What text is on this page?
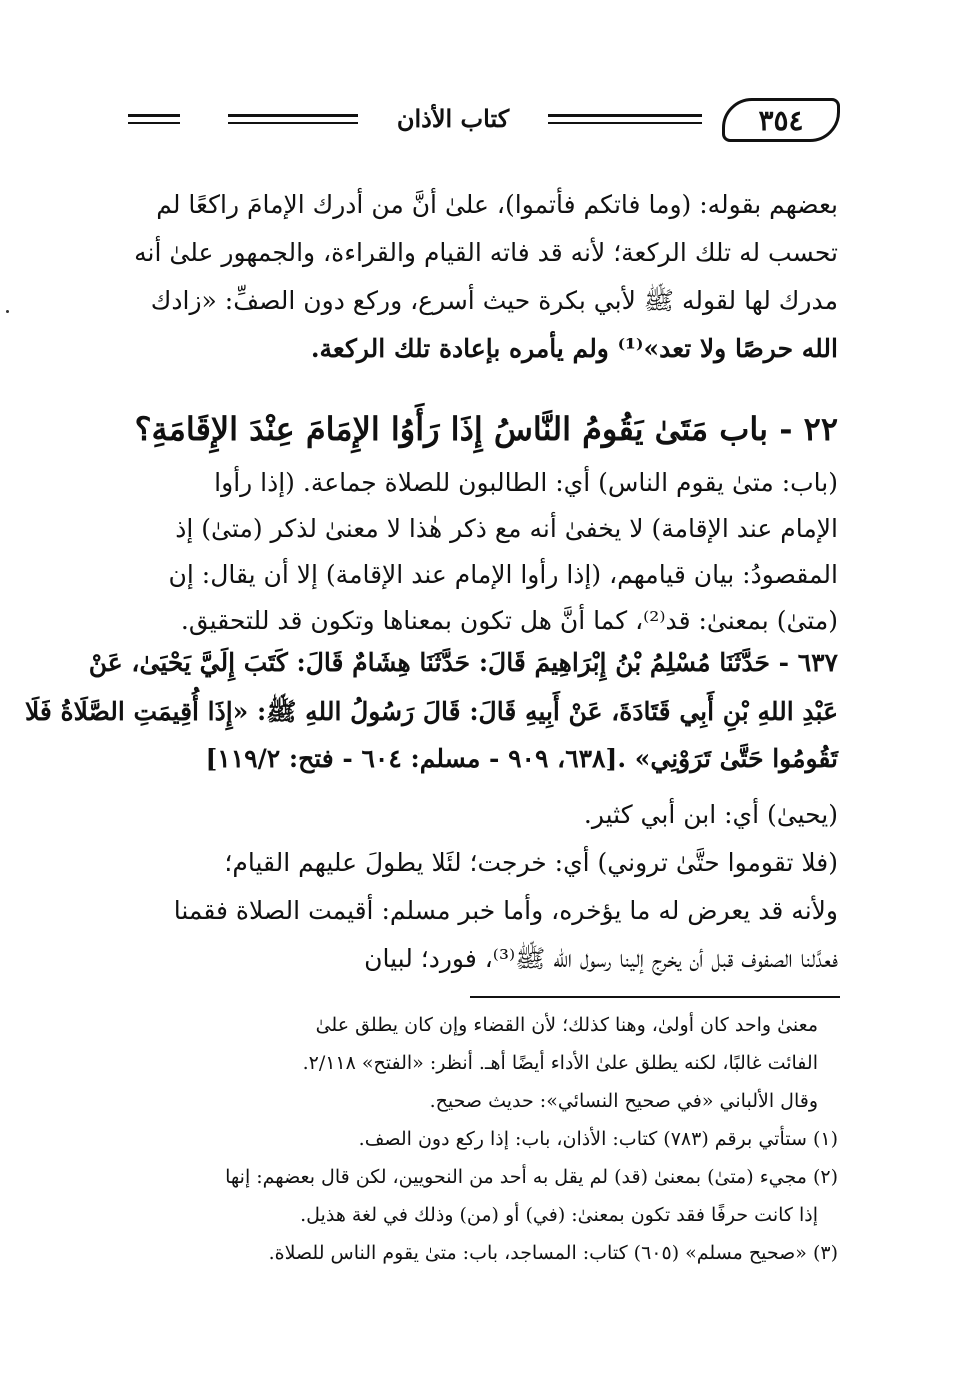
كتاب الأذان	٣٥٤
بعضهم بقوله: (وما فاتكم فأتموا)، علىٰ أنَّ من أدرك الإمامَ راكعًا لم
تحسب له تلك الركعة؛ لأنه قد فاته القيام والقراءة، والجمهور علىٰ أنه
مدرك لها لقوله ﷺ لأبي بكرة حيث أسرع، وركع دون الصفِّ: «زادك
الله حرصًا ولا تعد»⁽¹⁾ ولم يأمره بإعادة تلك الركعة.
٢٢ - باب مَتَىٰ يَقُومُ النَّاسُ إِذَا رَأَوُا الإِمَامَ عِنْدَ الإِقَامَةِ؟
(باب: متىٰ يقوم الناس) أي: الطالبون للصلاة جماعة. (إذا رأوا
الإمام عند الإقامة) لا يخفىٰ أنه مع ذكر هٰذا لا معنىٰ لذكر (متىٰ) إذ
المقصودُ: بيان قيامهم، (إذا رأوا الإمام عند الإقامة) إلا أن يقال: إن
(متىٰ) بمعنىٰ: قد⁽²⁾، كما أنَّ هل تكون بمعناها وتكون قد للتحقيق.
٦٣٧ - حَدَّثَنَا مُسْلِمُ بْنُ إِبْرَاهِيمَ قَالَ: حَدَّثَنَا هِشَامٌ قَالَ: كَتَبَ إِلَيَّ يَحْيَىٰ، عَنْ
عَبْدِ اللهِ بْنِ أَبِي قَتَادَةَ، عَنْ أَبِيهِ قَالَ: قَالَ رَسُولُ اللهِ ﷺ: «إِذَا أُقِيمَتِ الصَّلَاةُ فَلَا
تَقُومُوا حَتَّىٰ تَرَوْنِي» .[٦٣٨، ٩٠٩ - مسلم: ٦٠٤ - فتح: ١١٩/٢]
(يحيىٰ) أي: ابن أبي كثير.
(فلا تقوموا حتَّىٰ تروني) أي: خرجت؛ لئَلا يطولَ عليهم القيام؛
ولأنه قد يعرض له ما يؤخره، وأما خبر مسلم: أقيمت الصلاة فقمنا
فعدَّلنا الصفوف قبل أن يخرج إلينا رسول الله ﷺ⁽³⁾، فورد؛ لبيان
معنىٰ واحد كان أولىٰ، وهنا كذلك؛ لأن القضاء وإن كان يطلق علىٰ
الفائت غالبًا، لكنه يطلق علىٰ الأداء أيضًا أهـ. أنظر: «الفتح» ٢/١١٨.
وقال الألباني «في صحيح النسائي»: حديث صحيح.
(١) ستأتي برقم (٧٨٣) كتاب: الأذان، باب: إذا ركع دون الصف.
(٢) مجيء (متىٰ) بمعنىٰ (قد) لم يقل به أحد من النحويين، لكن قال بعضهم: إنها
إذا كانت حرفًا فقد تكون بمعنىٰ: (في) أو (من) وذلك في لغة هذيل.
(٣) «صحيح مسلم» (٦٠٥) كتاب: المساجد، باب: متىٰ يقوم الناس للصلاة.
